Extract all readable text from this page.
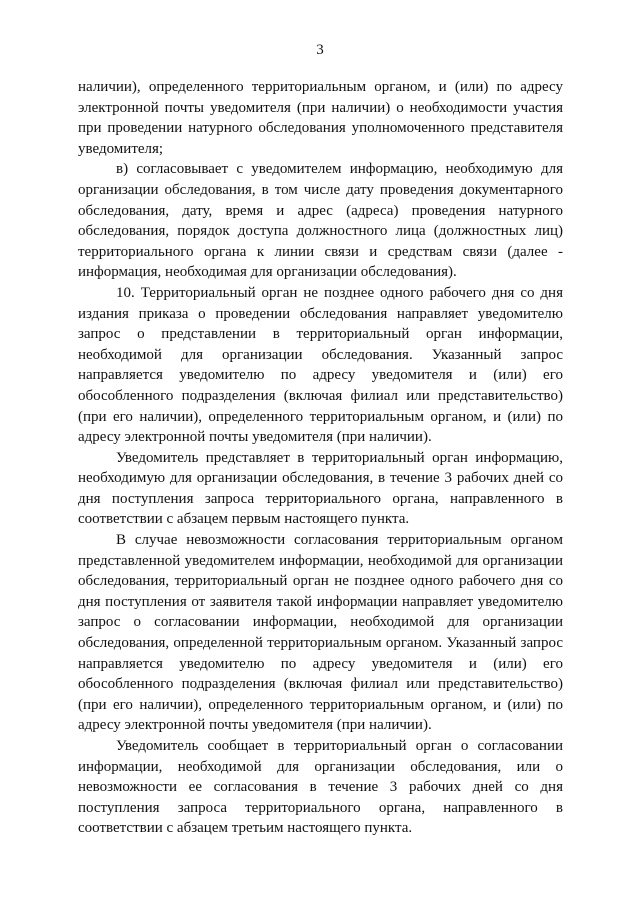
3

наличии), определенного территориальным органом, и (или) по адресу электронной почты уведомителя (при наличии) о необходимости участия при проведении натурного обследования уполномоченного представителя уведомителя;

в) согласовывает с уведомителем информацию, необходимую для организации обследования, в том числе дату проведения документарного обследования, дату, время и адрес (адреса) проведения натурного обследования, порядок доступа должностного лица (должностных лиц) территориального органа к линии связи и средствам связи (далее - информация, необходимая для организации обследования).

10. Территориальный орган не позднее одного рабочего дня со дня издания приказа о проведении обследования направляет уведомителю запрос о представлении в территориальный орган информации, необходимой для организации обследования. Указанный запрос направляется уведомителю по адресу уведомителя и (или) его обособленного подразделения (включая филиал или представительство) (при его наличии), определенного территориальным органом, и (или) по адресу электронной почты уведомителя (при наличии).

Уведомитель представляет в территориальный орган информацию, необходимую для организации обследования, в течение 3 рабочих дней со дня поступления запроса территориального органа, направленного в соответствии с абзацем первым настоящего пункта.

В случае невозможности согласования территориальным органом представленной уведомителем информации, необходимой для организации обследования, территориальный орган не позднее одного рабочего дня со дня поступления от заявителя такой информации направляет уведомителю запрос о согласовании информации, необходимой для организации обследования, определенной территориальным органом. Указанный запрос направляется уведомителю по адресу уведомителя и (или) его обособленного подразделения (включая филиал или представительство) (при его наличии), определенного территориальным органом, и (или) по адресу электронной почты уведомителя (при наличии).

Уведомитель сообщает в территориальный орган о согласовании информации, необходимой для организации обследования, или о невозможности ее согласования в течение 3 рабочих дней со дня поступления запроса территориального органа, направленного в соответствии с абзацем третьим настоящего пункта.
